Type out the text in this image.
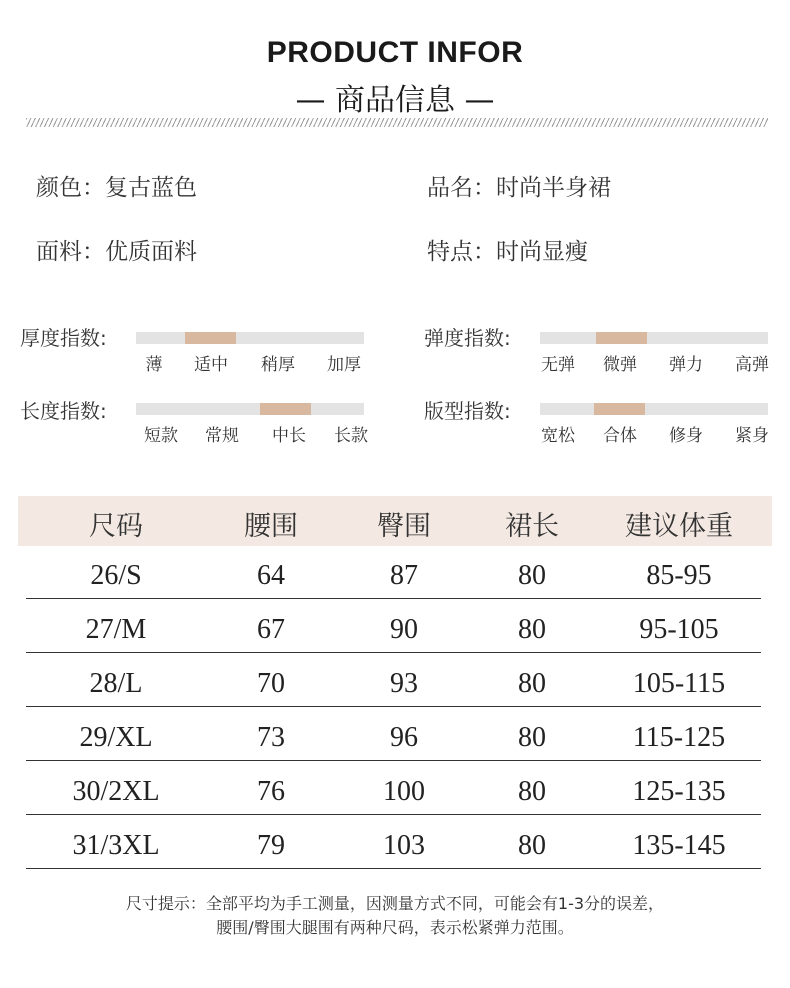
PRODUCT INFOR
— 商品信息 —
颜色：复古蓝色	品名：时尚半身裙
面料：优质面料	特点：时尚显瘦
厚度指数:
薄	适中	稍厚	加厚
弹度指数:
无弹	微弹	弹力	高弹
长度指数:
短款	常规	中长	长款
版型指数:
宽松	合体	修身	紧身
尺码	腰围	臀围	裙长	建议体重
26/S	64	87	80	85-95
27/M	67	90	80	95-105
28/L	70	93	80	105-115
29/XL	73	96	80	115-125
30/2XL	76	100	80	125-135
31/3XL	79	103	80	135-145
尺寸提示：全部平均为手工测量，因测量方式不同，可能会有1-3分的误差，
腰围/臀围大腿围有两种尺码，表示松紧弹力范围。
